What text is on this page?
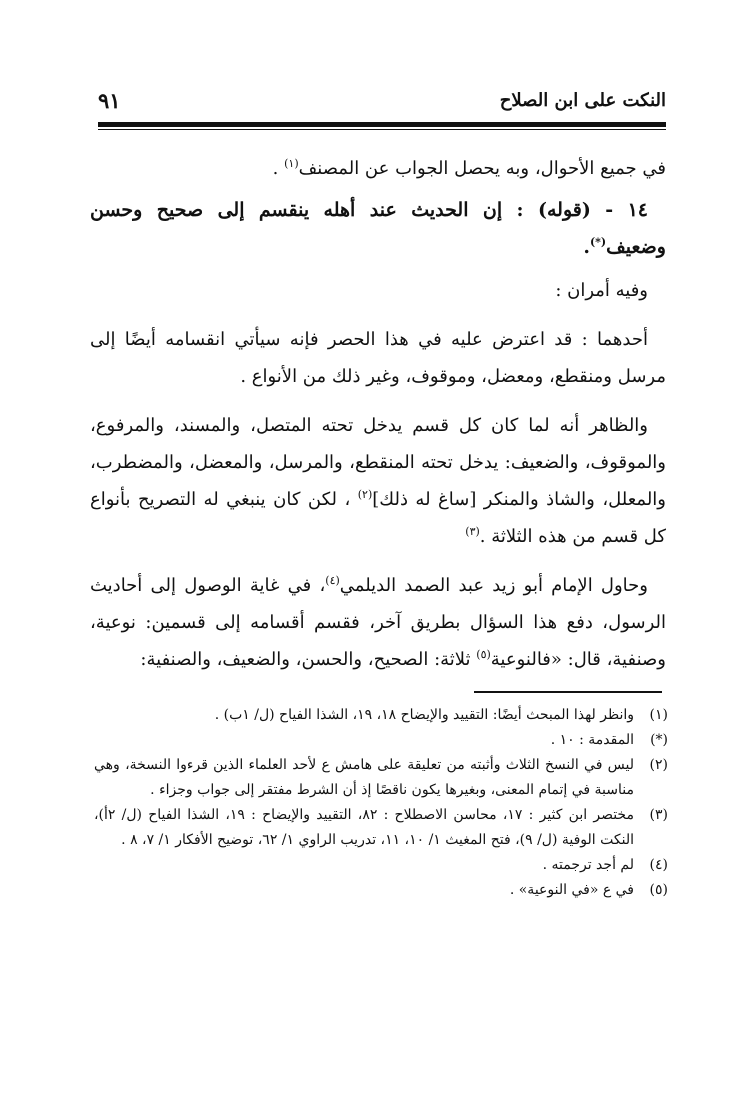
النكت على ابن الصلاح
٩١

في جميع الأحوال، وبه يحصل الجواب عن المصنف$^{(١)}$ .

١٤ - (قوله) : إن الحديث عند أهله ينقسم إلى صحيح وحسن وضعيف(*).

وفيه أمران :

أحدهما : قد اعترض عليه في هذا الحصر فإنه سيأتي انقسامه أيضًا إلى مرسل ومنقطع، ومعضل، وموقوف، وغير ذلك من الأنواع .

والظاهر أنه لما كان كل قسم يدخل تحته المتصل، والمسند، والمرفوع، والموقوف، والضعيف: يدخل تحته المنقطع، والمرسل، والمعضل، والمضطرب، والمعلل، والشاذ والمنكر [ساغ له ذلك]$^{(٢)}$ ، لكن كان ينبغي له التصريح بأنواع كل قسم من هذه الثلاثة .$^{(٣)}$

وحاول الإمام أبو زيد عبد الصمد الديلمي$^{(٤)}$، في غاية الوصول إلى أحاديث الرسول، دفع هذا السؤال بطريق آخر، فقسم أقسامه إلى قسمين: نوعية، وصنفية، قال: «فالنوعية$^{(٥)}$ ثلاثة: الصحيح، والحسن، والضعيف، والصنفية:

(١)
وانظر لهذا المبحث أيضًا: التقييد والإيضاح ١٨، ١٩، الشذا الفياح (ل/ ١ب) .
(*)
المقدمة : ١٠ .
(٢)
ليس في النسخ الثلاث وأثبته من تعليقة على هامش ع لأحد العلماء الذين قرءوا النسخة، وهي مناسبة في إتمام المعنى، وبغيرها يكون ناقصًا إذ أن الشرط مفتقر إلى جواب وجزاء .
(٣)
مختصر ابن كثير : ١٧، محاسن الاصطلاح : ٨٢، التقييد والإيضاح : ١٩، الشذا الفياح (ل/ ٢أ)، النكت الوفية (ل/ ٩)، فتح المغيث ١/ ١٠، ١١، تدريب الراوي ١/ ٦٢، توضيح الأفكار ١/ ٧، ٨ .
(٤)
لم أجد ترجمته .
(٥)
في ع «في النوعية» .
